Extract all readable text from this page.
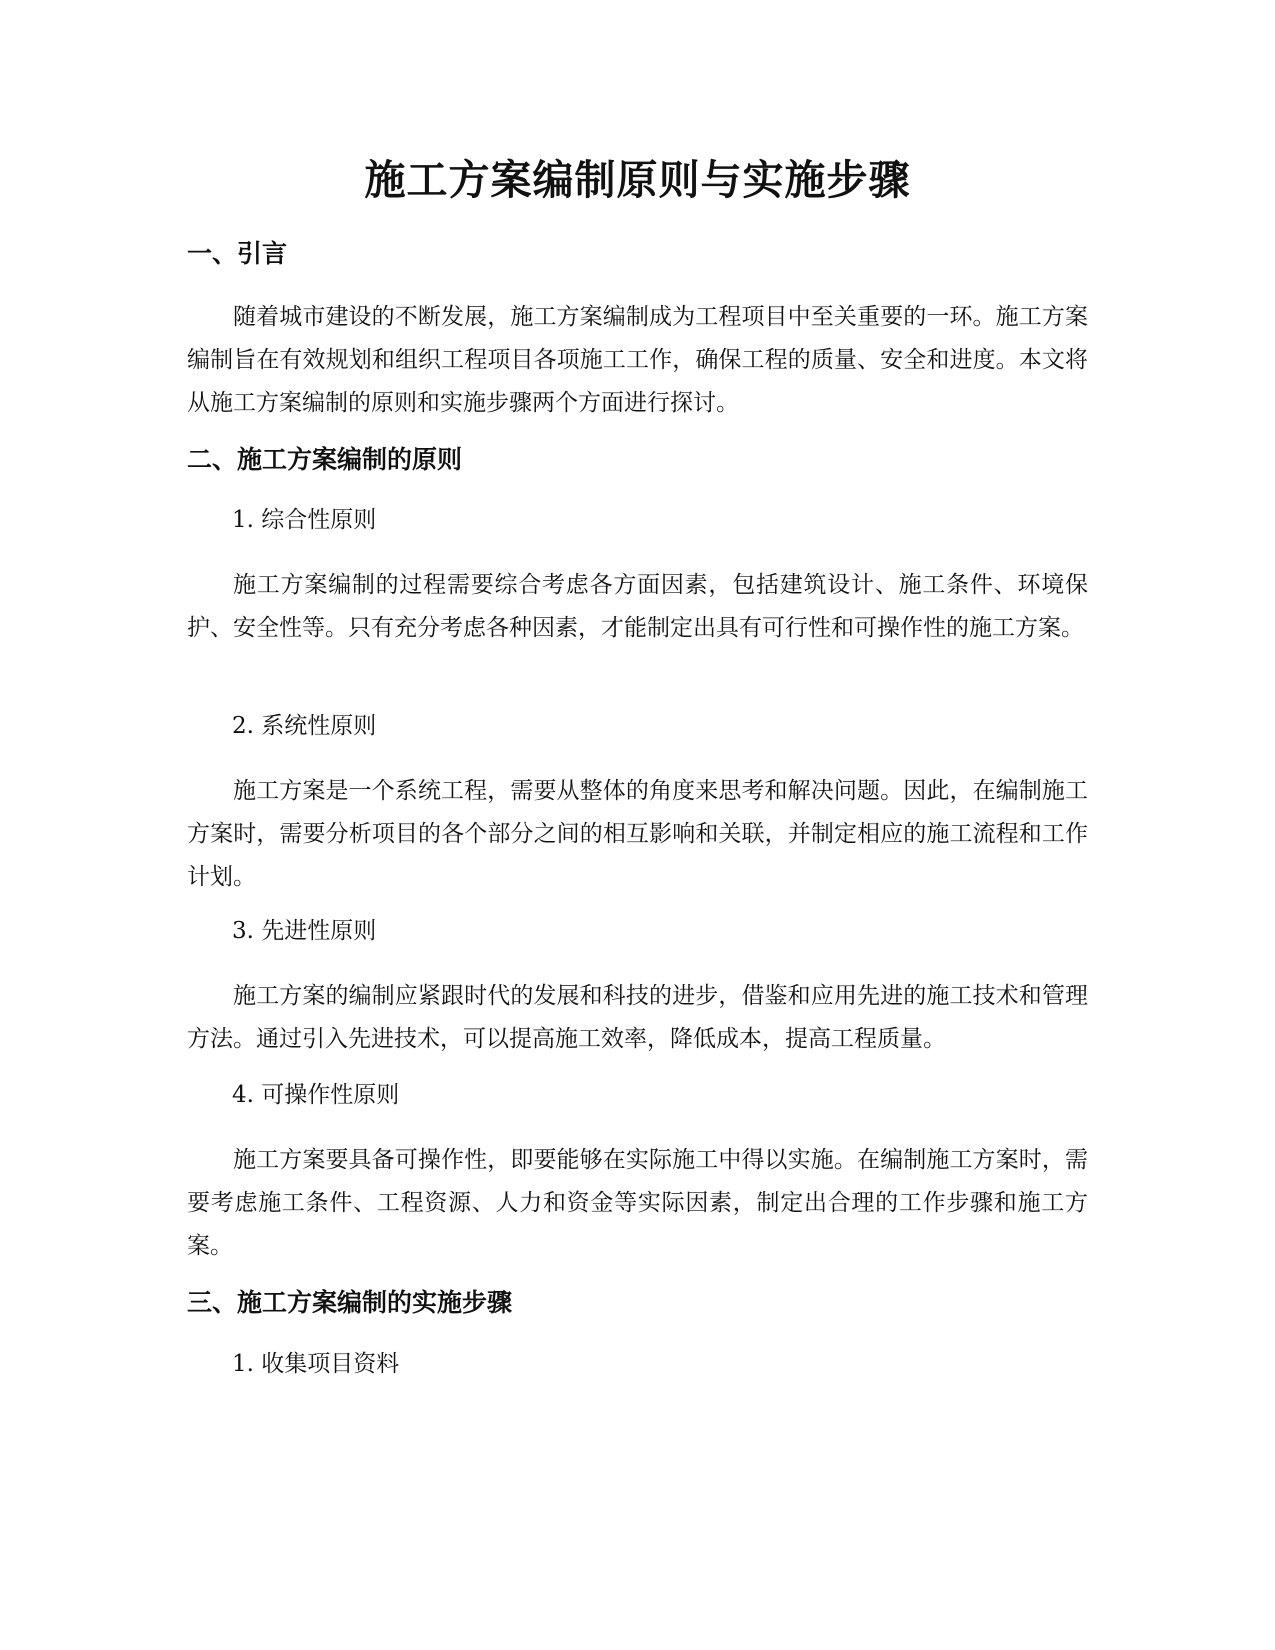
施工方案编制原则与实施步骤
一、引言
随着城市建设的不断发展，施工方案编制成为工程项目中至关重要的一环。施工方案编制旨在有效规划和组织工程项目各项施工工作，确保工程的质量、安全和进度。本文将从施工方案编制的原则和实施步骤两个方面进行探讨。
二、施工方案编制的原则
1. 综合性原则
施工方案编制的过程需要综合考虑各方面因素，包括建筑设计、施工条件、环境保护、安全性等。只有充分考虑各种因素，才能制定出具有可行性和可操作性的施工方案。
2. 系统性原则
施工方案是一个系统工程，需要从整体的角度来思考和解决问题。因此，在编制施工方案时，需要分析项目的各个部分之间的相互影响和关联，并制定相应的施工流程和工作计划。
3. 先进性原则
施工方案的编制应紧跟时代的发展和科技的进步，借鉴和应用先进的施工技术和管理方法。通过引入先进技术，可以提高施工效率，降低成本，提高工程质量。
4. 可操作性原则
施工方案要具备可操作性，即要能够在实际施工中得以实施。在编制施工方案时，需要考虑施工条件、工程资源、人力和资金等实际因素，制定出合理的工作步骤和施工方案。
三、施工方案编制的实施步骤
1. 收集项目资料
